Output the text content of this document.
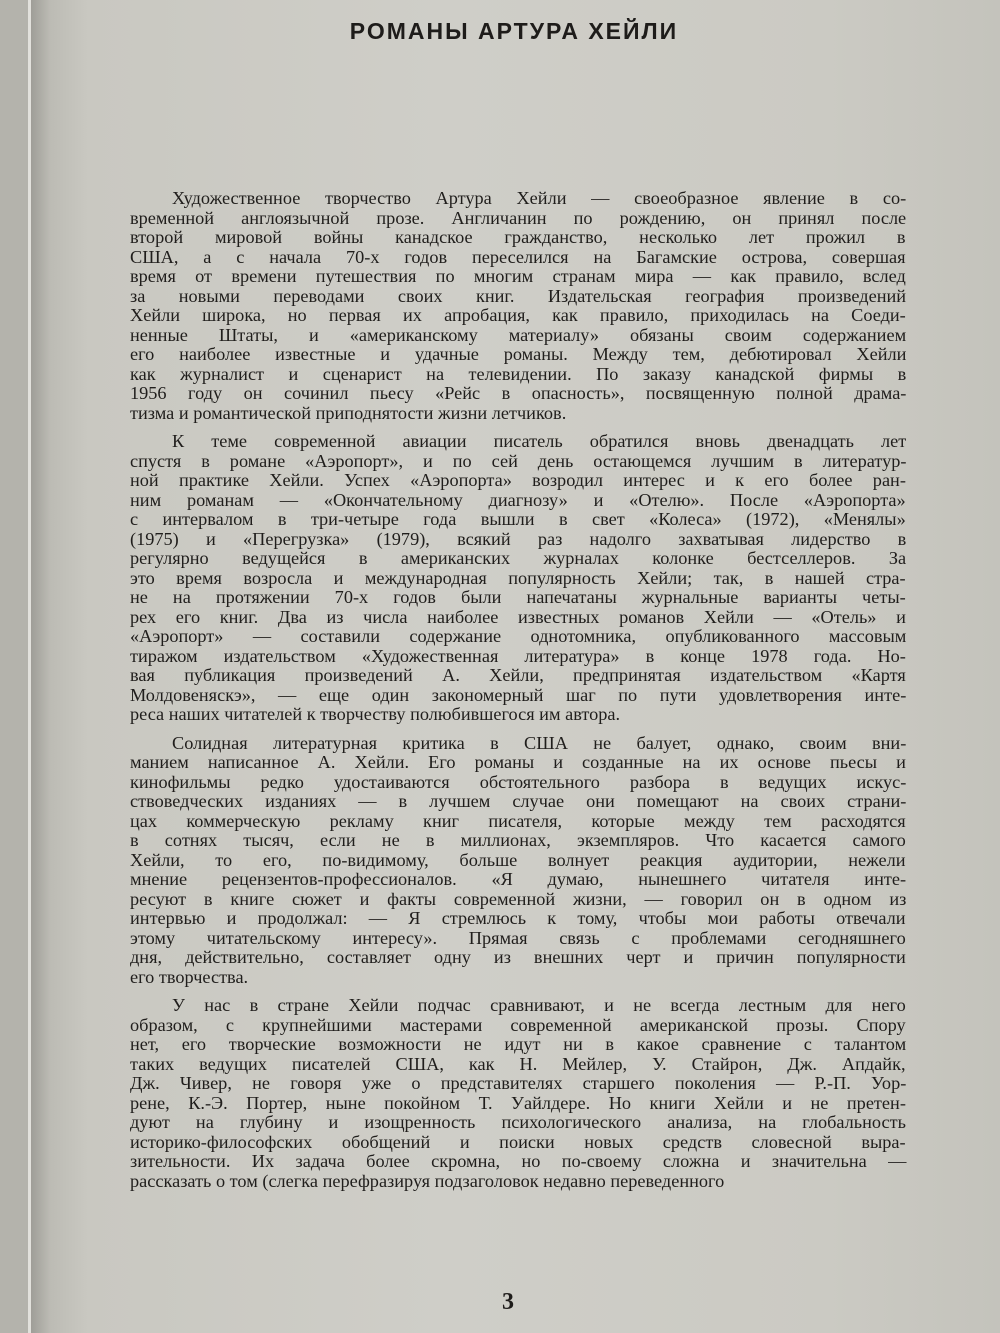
РОМАНЫ АРТУРА ХЕЙЛИ
Художественное творчество Артура Хейли — своеобразное явление в со-
временной англоязычной прозе. Англичанин по рождению, он принял после
второй мировой войны канадское гражданство, несколько лет прожил в
США, а с начала 70-х годов переселился на Багамские острова, совершая
время от времени путешествия по многим странам мира — как правило, вслед
за новыми переводами своих книг. Издательская география произведений
Хейли широка, но первая их апробация, как правило, приходилась на Соеди-
ненные Штаты, и «американскому материалу» обязаны своим содержанием
его наиболее известные и удачные романы. Между тем, дебютировал Хейли
как журналист и сценарист на телевидении. По заказу канадской фирмы в
1956 году он сочинил пьесу «Рейс в опасность», посвященную полной драма-
тизма и романтической приподнятости жизни летчиков.
К теме современной авиации писатель обратился вновь двенадцать лет
спустя в романе «Аэропорт», и по сей день остающемся лучшим в литератур-
ной практике Хейли. Успех «Аэропорта» возродил интерес и к его более ран-
ним романам — «Окончательному диагнозу» и «Отелю». После «Аэропорта»
с интервалом в три-четыре года вышли в свет «Колеса» (1972), «Менялы»
(1975) и «Перегрузка» (1979), всякий раз надолго захватывая лидерство в
регулярно ведущейся в американских журналах колонке бестселлеров. За
это время возросла и международная популярность Хейли; так, в нашей стра-
не на протяжении 70-х годов были напечатаны журнальные варианты четы-
рех его книг. Два из числа наиболее известных романов Хейли — «Отель» и
«Аэропорт» — составили содержание однотомника, опубликованного массовым
тиражом издательством «Художественная литература» в конце 1978 года. Но-
вая публикация произведений А. Хейли, предпринятая издательством «Картя
Молдовеняскэ», — еще один закономерный шаг по пути удовлетворения инте-
реса наших читателей к творчеству полюбившегося им автора.
Солидная литературная критика в США не балует, однако, своим вни-
манием написанное А. Хейли. Его романы и созданные на их основе пьесы и
кинофильмы редко удостаиваются обстоятельного разбора в ведущих искус-
ствоведческих изданиях — в лучшем случае они помещают на своих страни-
цах коммерческую рекламу книг писателя, которые между тем расходятся
в сотнях тысяч, если не в миллионах, экземпляров. Что касается самого
Хейли, то его, по-видимому, больше волнует реакция аудитории, нежели
мнение рецензентов-профессионалов. «Я думаю, нынешнего читателя инте-
ресуют в книге сюжет и факты современной жизни, — говорил он в одном из
интервью и продолжал: — Я стремлюсь к тому, чтобы мои работы отвечали
этому читательскому интересу». Прямая связь с проблемами сегодняшнего
дня, действительно, составляет одну из внешних черт и причин популярности
его творчества.
У нас в стране Хейли подчас сравнивают, и не всегда лестным для него
образом, с крупнейшими мастерами современной американской прозы. Спору
нет, его творческие возможности не идут ни в какое сравнение с талантом
таких ведущих писателей США, как Н. Мейлер, У. Стайрон, Дж. Апдайк,
Дж. Чивер, не говоря уже о представителях старшего поколения — Р.-П. Уор-
рене, К.-Э. Портер, ныне покойном Т. Уайлдере. Но книги Хейли и не претен-
дуют на глубину и изощренность психологического анализа, на глобальность
историко-философских обобщений и поиски новых средств словесной выра-
зительности. Их задача более скромна, но по-своему сложна и значительна —
рассказать о том (слегка перефразируя подзаголовок недавно переведенного
3
